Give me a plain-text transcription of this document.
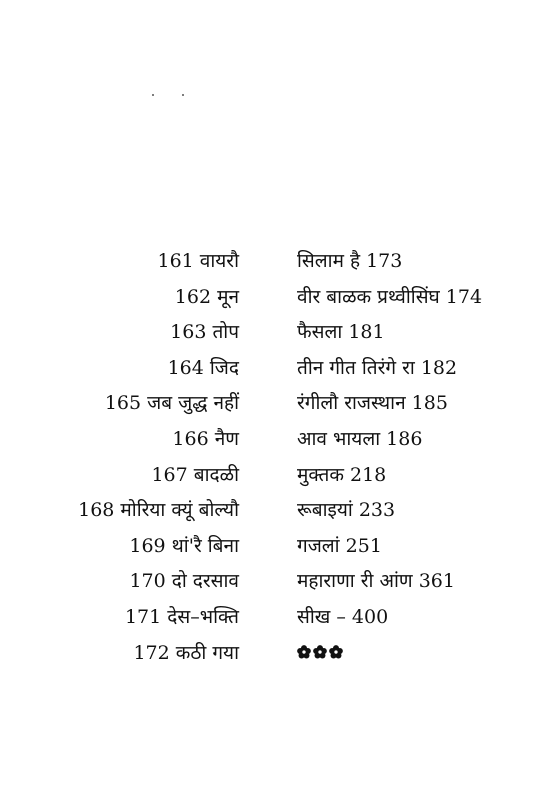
161 वायरौ	सिलाम है 173
162 मून	वीर बाळक प्रथ्वीसिंघ 174
163 तोप	फैसला 181
164 जिद	तीन गीत तिरंगे रा 182
165 जब जुद्ध नहीं	रंगीलौ राजस्थान 185
166 नैण	आव भायला 186
167 बादळी	मुक्तक 218
168 मोरिया क्यूं बोल्यौ	रूबाइयां 233
169 थां'रै बिना	गजलां 251
170 दो दरसाव	महाराणा री आंण 361
171 देस–भक्ति	सीख – 400
172 कठी गया
